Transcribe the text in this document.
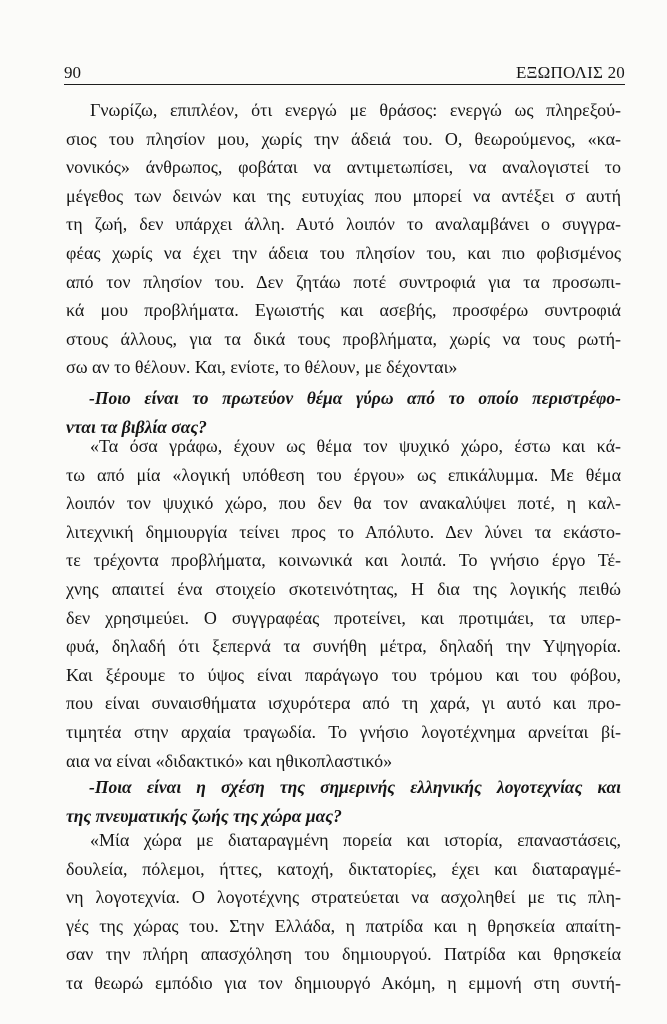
90	ΕΞΩΠΟΛΙΣ 20
Γνωρίζω, επιπλέον, ότι ενεργώ με θράσος: ενεργώ ως πληρεξού-
σιος του πλησίον μου, χωρίς την άδειά του. Ο, θεωρούμενος, «κα-
νονικός» άνθρωπος, φοβάται να αντιμετωπίσει, να αναλογιστεί το
μέγεθος των δεινών και της ευτυχίας που μπορεί να αντέξει σ αυτή
τη ζωή, δεν υπάρχει άλλη. Αυτό λοιπόν το αναλαμβάνει ο συγγρα-
φέας χωρίς να έχει την άδεια του πλησίον του, και πιο φοβισμένος
από τον πλησίον του. Δεν ζητάω ποτέ συντροφιά για τα προσωπι-
κά μου προβλήματα. Εγωιστής και ασεβής, προσφέρω συντροφιά
στους άλλους, για τα δικά τους προβλήματα, χωρίς να τους ρωτή-
σω αν το θέλουν. Και, ενίοτε, το θέλουν, με δέχονται»
-Ποιο είναι το πρωτεύον θέμα γύρω από το οποίο περιστρέφο-
νται τα βιβλία σας?
«Τα όσα γράφω, έχουν ως θέμα τον ψυχικό χώρο, έστω και κά-
τω από μία «λογική υπόθεση του έργου» ως επικάλυμμα. Με θέμα
λοιπόν τον ψυχικό χώρο, που δεν θα τον ανακαλύψει ποτέ, η καλ-
λιτεχνική δημιουργία τείνει προς το Απόλυτο. Δεν λύνει τα εκάστο-
τε τρέχοντα προβλήματα, κοινωνικά και λοιπά. Το γνήσιο έργο Τέ-
χνης απαιτεί ένα στοιχείο σκοτεινότητας, Η δια της λογικής πειθώ
δεν χρησιμεύει. Ο συγγραφέας προτείνει, και προτιμάει, τα υπερ-
φυά, δηλαδή ότι ξεπερνά τα συνήθη μέτρα, δηλαδή την Υψηγορία.
Και ξέρουμε το ύψος είναι παράγωγο του τρόμου και του φόβου,
που είναι συναισθήματα ισχυρότερα από τη χαρά, γι αυτό και προ-
τιμητέα στην αρχαία τραγωδία. Το γνήσιο λογοτέχνημα αρνείται βί-
αια να είναι «διδακτικό» και ηθικοπλαστικό»
-Ποια είναι η σχέση της σημερινής ελληνικής λογοτεχνίας και
της πνευματικής ζωής της χώρα μας?
«Μία χώρα με διαταραγμένη πορεία και ιστορία, επαναστάσεις,
δουλεία, πόλεμοι, ήττες, κατοχή, δικτατορίες, έχει και διαταραγμέ-
νη λογοτεχνία. Ο λογοτέχνης στρατεύεται να ασχοληθεί με τις πλη-
γές της χώρας του. Στην Ελλάδα, η πατρίδα και η θρησκεία απαίτη-
σαν την πλήρη απασχόληση του δημιουργού. Πατρίδα και θρησκεία
τα θεωρώ εμπόδιο για τον δημιουργό Ακόμη, η εμμονή στη συντή-
